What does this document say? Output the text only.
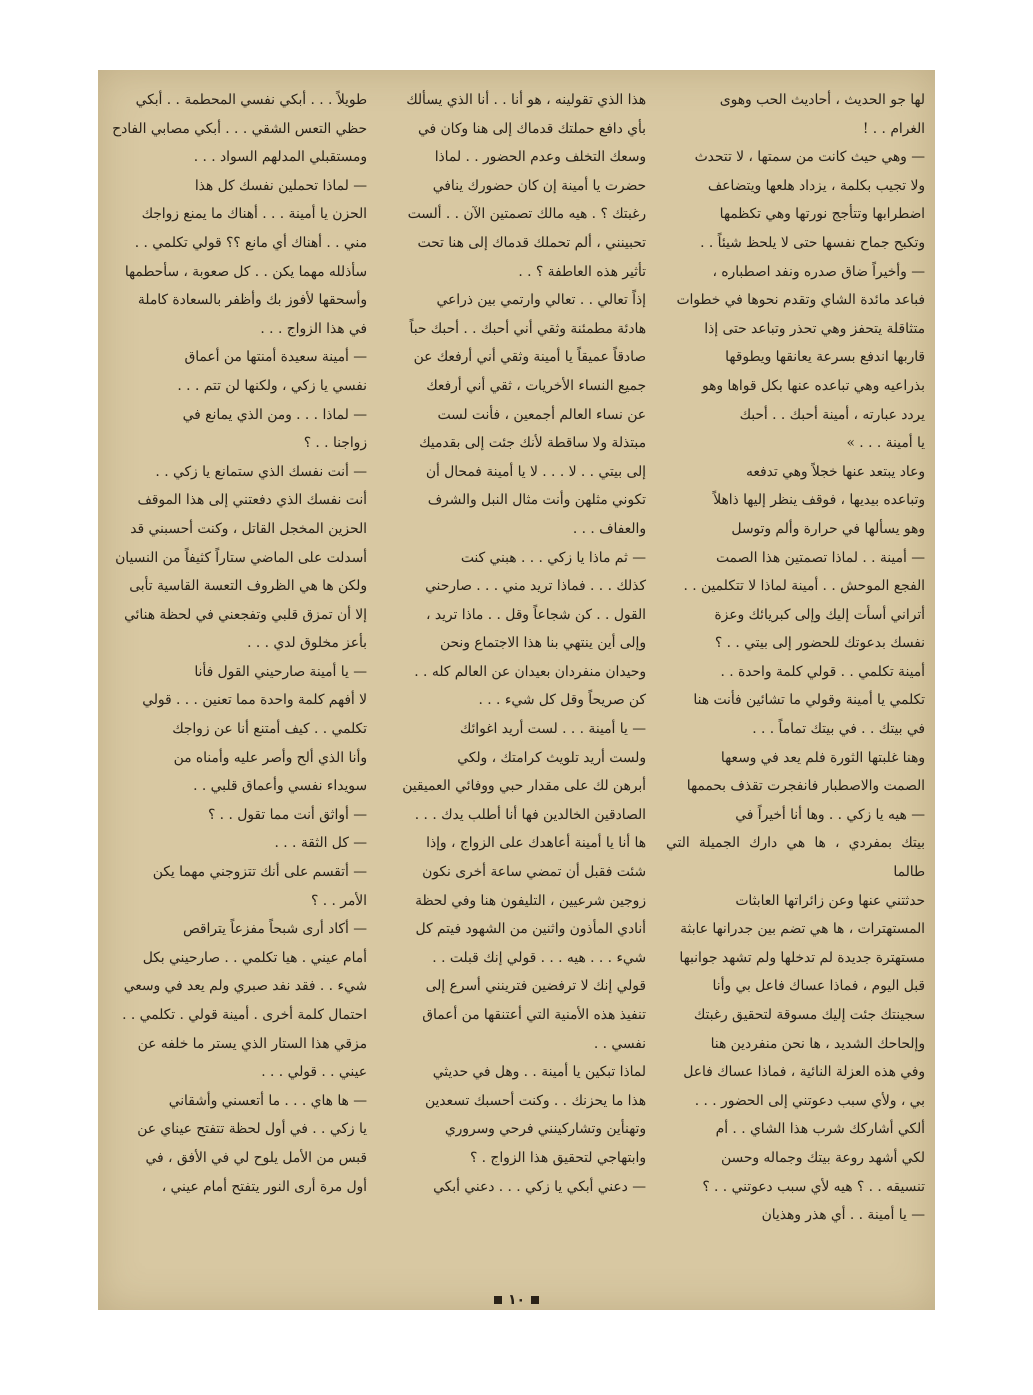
لها جو الحديث ، أحاديث الحب وهوى
الغرام . . !
— وهي حيث كانت من سمتها ، لا تتحدث
ولا تجيب بكلمة ، يزداد هلعها ويتضاعف
اضطرابها وتتأجج نورتها وهي تكظمها
وتكبح جماح نفسها حتى لا يلحظ شيئاً . .
— وأخيراً ضاق صدره ونفد اصطباره ،
فباعد مائدة الشاي وتقدم نحوها في خطوات
متثاقلة يتحفز وهي تحذر وتباعد حتى إذا
قاربها اندفع بسرعة يعانقها ويطوقها
بذراعيه وهي تباعده عنها بكل قواها وهو
يردد عبارته ، أمينة أحبك . . أحبك
يا أمينة . . . »
وعاد يبتعد عنها خجلاً وهي تدفعه
وتباعده بيديها ، فوقف ينظر إليها ذاهلاً
وهو يسألها في حرارة وألم وتوسل
— أمينة . . لماذا تصمتين هذا الصمت
الفجع الموحش . . أمينة لماذا لا تتكلمين . .
أتراني أسأت إليك وإلى كبريائك وعزة
نفسك بدعوتك للحضور إلى بيتي . . ؟
أمينة تكلمي . . قولي كلمة واحدة . .
تكلمي يا أمينة وقولي ما تشائين فأنت هنا
في بيتك . . في بيتك تماماً . . .
وهنا غلبتها الثورة فلم يعد في وسعها
الصمت والاصطبار فانفجرت تقذف بحممها
— هيه يا زكي . . وها أنا أخيراً في
بيتك بمفردي ، ها هي دارك الجميلة التي طالما
حدثتني عنها وعن زائراتها العابثات
المستهترات ، ها هي تضم بين جدرانها عابثة
مستهترة جديدة لم تدخلها ولم تشهد جوانبها
قبل اليوم ، فماذا عساك فاعل بي وأنا
سجينتك جئت إليك مسوقة لتحقيق رغبتك
وإلحاحك الشديد ، ها نحن منفردين هنا
وفي هذه العزلة النائية ، فماذا عساك فاعل
بي ، ولأي سبب دعوتني إلى الحضور . . .
ألكي أشاركك شرب هذا الشاي . . أم
لكي أشهد روعة بيتك وجماله وحسن
تنسيقه . . ؟ هيه لأي سبب دعوتني . . ؟
— يا أمينة . . أي هذر وهذيان

هذا الذي تقولينه ، هو أنا . . أنا الذي يسألك
بأي دافع حملتك قدماك إلى هنا وكان في
وسعك التخلف وعدم الحضور . . لماذا
حضرت يا أمينة إن كان حضورك ينافي
رغبتك ؟ . هيه مالك تصمتين الآن . . ألست
تحبينني ، ألم تحملك قدماك إلى هنا تحت
تأثير هذه العاطفة ؟ . .
إذاً تعالي . . تعالي وارتمي بين ذراعي
هادئة مطمئنة وثقي أني أحبك . . أحبك حباً
صادقاً عميقاً يا أمينة وثقي أني أرفعك عن
جميع النساء الأخريات ، ثقي أني أرفعك
عن نساء العالم أجمعين ، فأنت لست
مبتذلة ولا ساقطة لأنك جئت إلى بقدميك
إلى بيتي . . لا . . . لا يا أمينة فمحال أن
تكوني مثلهن وأنت مثال النبل والشرف
والعفاف . . .
— ثم ماذا يا زكي . . . هبني كنت
كذلك . . . فماذا تريد مني . . . صارحني
القول . . كن شجاعاً وقل . . ماذا تريد ،
وإلى أين ينتهي بنا هذا الاجتماع ونحن
وحيدان منفردان بعيدان عن العالم كله . .
كن صريحاً وقل كل شيء . . .
— يا أمينة . . . لست أريد اغوائك
ولست أريد تلويث كرامتك ، ولكي
أبرهن لك على مقدار حبي ووفائي العميقين
الصادقين الخالدين فها أنا أطلب يدك . . .
ها أنا يا أمينة أعاهدك على الزواج ، وإذا
شئت فقبل أن تمضي ساعة أخرى نكون
زوجين شرعيين ، التليفون هنا وفي لحظة
أنادي المأذون واثنين من الشهود فيتم كل
شيء . . . هيه . . . قولي إنك قبلت . .
قولي إنك لا ترفضين فترينني أسرع إلى
تنفيذ هذه الأمنية التي أعتنقها من أعماق
نفسي . .
لماذا تبكين يا أمينة . . وهل في حديثي
هذا ما يحزنك . . وكنت أحسبك تسعدين
وتهنأين وتشاركينني فرحي وسروري
وابتهاجي لتحقيق هذا الزواج . ؟
— دعني أبكي يا زكي . . . دعني أبكي

طويلاً . . . أبكي نفسي المحطمة . . أبكي
حظي التعس الشقي . . . أبكي مصابي الفادح
ومستقبلي المدلهم السواد . . .
— لماذا تحملين نفسك كل هذا
الحزن يا أمينة . . . أهناك ما يمنع زواجك
مني . . أهناك أي مانع ؟؟ قولي تكلمي . .
سأذلله مهما يكن . . كل صعوبة ، سأحطمها
وأسحقها لأفوز بك وأظفر بالسعادة كاملة
في هذا الزواج . . .
— أمينة سعيدة أمنتها من أعماق
نفسي يا زكي ، ولكنها لن تتم . . .
— لماذا . . . ومن الذي يمانع في
زواجنا . . ؟
— أنت نفسك الذي ستمانع يا زكي . .
أنت نفسك الذي دفعتني إلى هذا الموقف
الحزين المخجل القاتل ، وكنت أحسبني قد
أسدلت على الماضي ستاراً كثيفاً من النسيان
ولكن ها هي الظروف التعسة القاسية تأبى
إلا أن تمزق قلبي وتفجعني في لحظة هنائي
بأعز مخلوق لدي . . .
— يا أمينة صارحيني القول فأنا
لا أفهم كلمة واحدة مما تعنين . . . قولي
تكلمي . . كيف أمتنع أنا عن زواجك
وأنا الذي ألح وأصر عليه وأمناه من
سويداء نفسي وأعماق قلبي . .
— أواثق أنت مما تقول . . ؟
— كل الثقة . . .
— أتقسم على أنك تتزوجني مهما يكن
الأمر . . ؟
— أكاد أرى شبحاً مفزعاً يتراقص
أمام عيني . هيا تكلمي . . صارحيني بكل
شيء . . فقد نفد صبري ولم يعد في وسعي
احتمال كلمة أخرى . أمينة قولي . تكلمي . .
مزقي هذا الستار الذي يستر ما خلفه عن
عيني . . قولي . . .
— ها هاي . . . ما أتعسني وأشقاني
يا زكي . . في أول لحظة تتفتح عيناي عن
قبس من الأمل يلوح لي في الأفق ، في
أول مرة أرى النور يتفتح أمام عيني ،

١٠
